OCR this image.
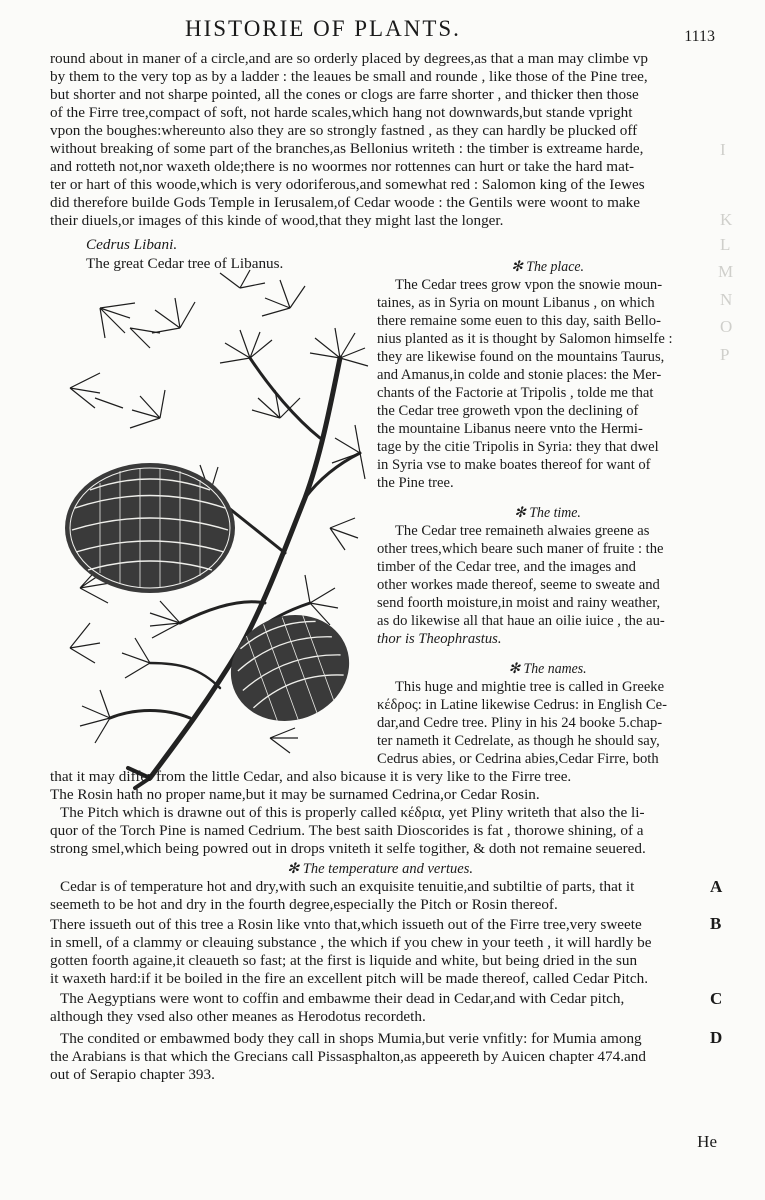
HISTORIE OF PLANTS.	1113
I
K
L
M
N
O
P
round about in maner of a circle,and are so orderly placed by degrees,as that a man may climbe vp
by them to the very top as by a ladder : the leaues be small and rounde , like those of the Pine tree,
but shorter and not sharpe pointed, all the cones or clogs are farre shorter , and thicker then those
of the Firre tree,compact of soft, not harde scales,which hang not downwards,but stande vpright
vpon the boughes:whereunto also they are so strongly fastned , as they can hardly be plucked off
without breaking of some part of the branches,as Bellonius writeth : the timber is extreame harde,
and rotteth not,nor waxeth olde;there is no woormes nor rottennes can hurt or take the hard mat-
ter or hart of this woode,which is very odoriferous,and somewhat red : Salomon king of the Iewes
did therefore builde Gods Temple in Ierusalem,of Cedar woode : the Gentils were woont to make
their diuels,or images of this kinde of wood,that they might last the longer.
Cedrus Libani.
The great Cedar tree of Libanus.	✻ The place.
The Cedar trees grow vpon the snowie moun-
taines, as in Syria on mount Libanus , on which
there remaine some euen to this day, saith Bello-
nius planted as it is thought by Salomon himselfe :
they are likewise found on the mountains Taurus,
and Amanus,in colde and stonie places: the Mer-
chants of the Factorie at Tripolis , tolde me that
the Cedar tree groweth vpon the declining of
the mountaine Libanus neere vnto the Hermi-
tage by the citie Tripolis in Syria: they that dwel
in Syria vse to make boates thereof for want of
the Pine tree.
✻ The time.
The Cedar tree remaineth alwaies greene as
other trees,which beare such maner of fruite : the
timber of the Cedar tree, and the images and
other workes made thereof, seeme to sweate and
send foorth moisture,in moist and rainy weather,
as do likewise all that haue an oilie iuice , the au-
thor is Theophrastus.
✻ The names.
This huge and mightie tree is called in Greeke
κέδρος: in Latine likewise Cedrus: in English Ce-
dar,and Cedre tree. Pliny in his 24 booke 5.chap-
ter nameth it Cedrelate, as though he should say,
Cedrus abies, or Cedrina abies,Cedar Firre, both
that it may differ from the little Cedar, and also bicause it is very like to the Firre tree.
The Rosin hath no proper name,but it may be surnamed Cedrina,or Cedar Rosin.
The Pitch which is drawne out of this is properly called κέδρια, yet Pliny writeth that also the li-
quor of the Torch Pine is named Cedrium. The best saith Dioscorides is fat , thorowe shining, of a
strong smel,which being powred out in drops vniteth it selfe togither, & doth not remaine seuered.
✻ The temperature and vertues.
Cedar is of temperature hot and dry,with such an exquisite tenuitie,and subtiltie of parts, that it
seemeth to be hot and dry in the fourth degree,especially the Pitch or Rosin thereof.
There issueth out of this tree a Rosin like vnto that,which issueth out of the Firre tree,very sweete
in smell, of a clammy or cleauing substance , the which if you chew in your teeth , it will hardly be
gotten foorth againe,it cleaueth so fast; at the first is liquide and white, but being dried in the sun
it waxeth hard:if it be boiled in the fire an excellent pitch will be made thereof, called Cedar Pitch.
The Aegyptians were wont to coffin and embawme their dead in Cedar,and with Cedar pitch,
although they vsed also other meanes as Herodotus recordeth.
The condited or embawmed body they call in shops Mumia,but verie vnfitly: for Mumia among
the Arabians is that which the Grecians call Pissasphalton,as appeereth by Auicen chapter 474.and
out of Serapio chapter 393.
A
B
C
D
He
